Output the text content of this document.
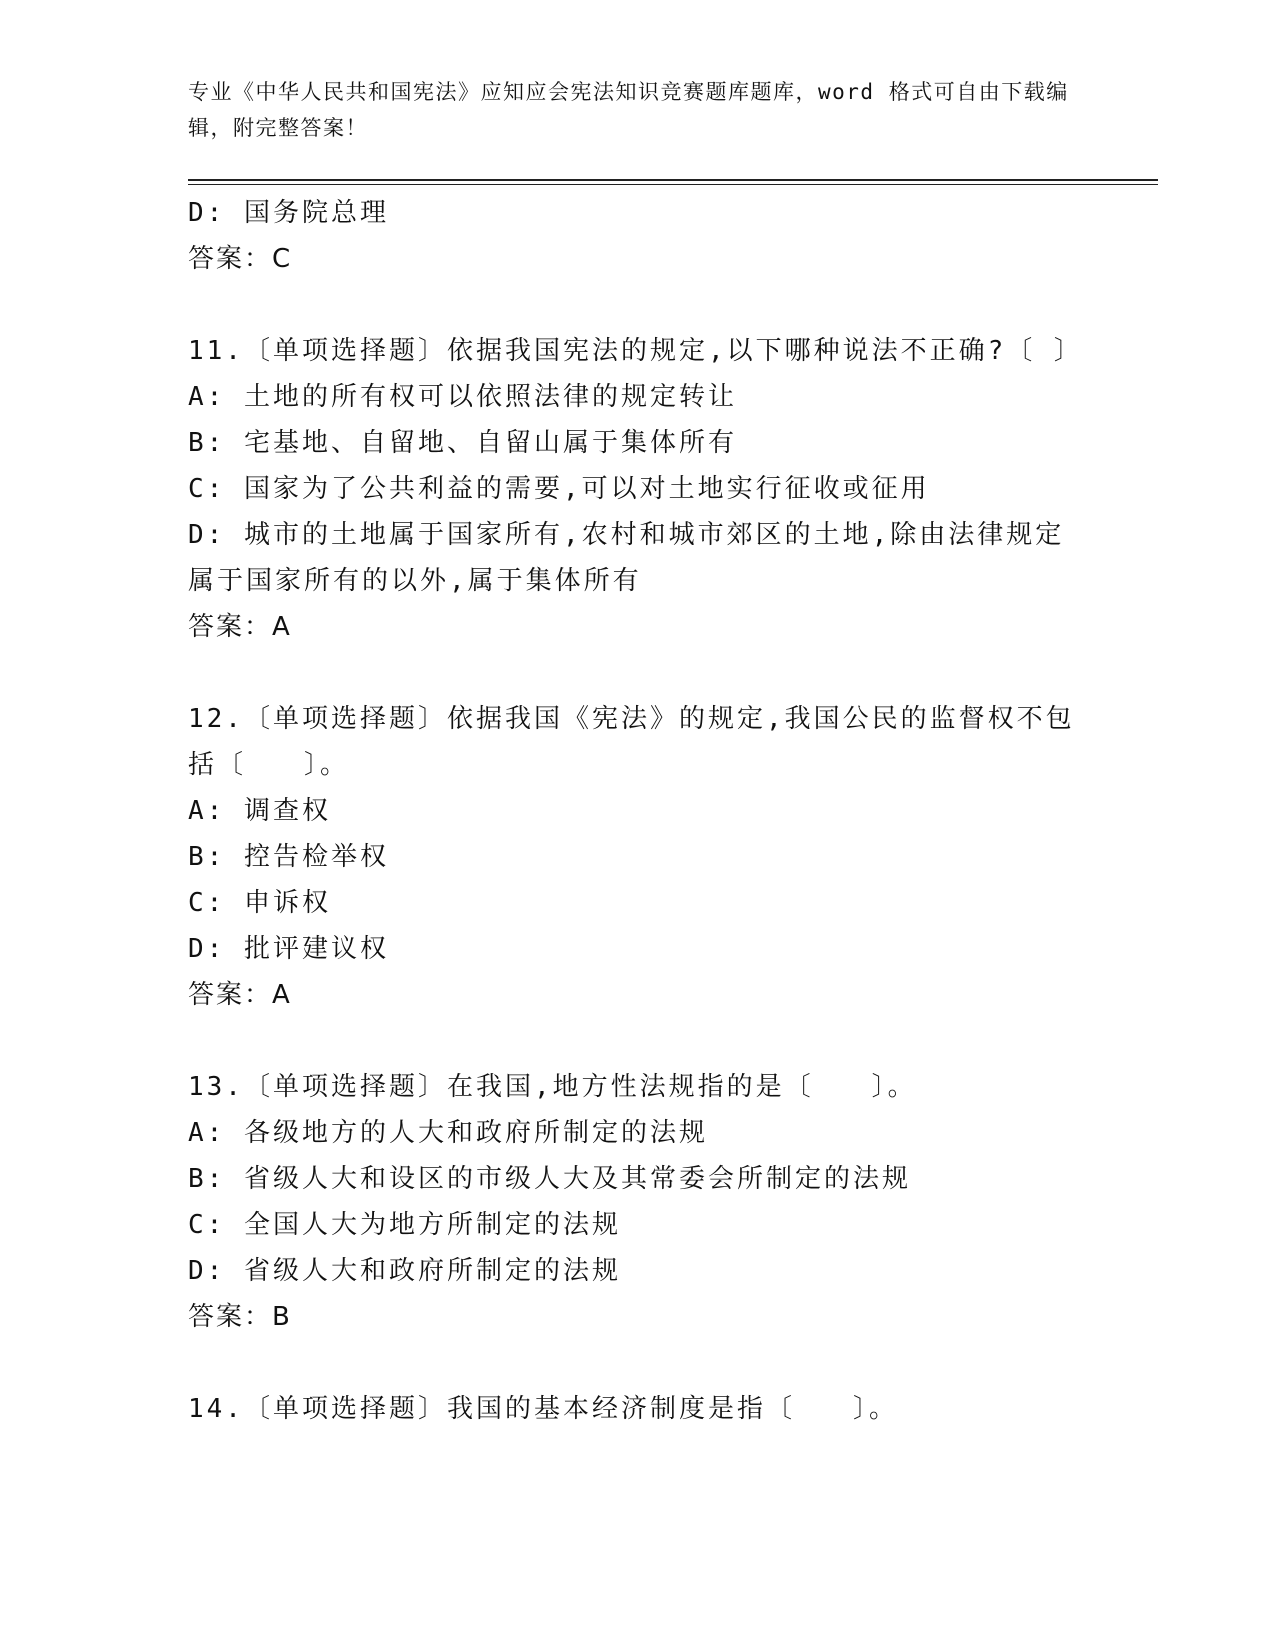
专业《中华人民共和国宪法》应知应会宪法知识竞赛题库题库，word 格式可自由下载编辑，附完整答案！
D: 国务院总理
答案：C
11.〔单项选择题〕依据我国宪法的规定,以下哪种说法不正确?〔 〕
A: 土地的所有权可以依照法律的规定转让
B: 宅基地、自留地、自留山属于集体所有
C: 国家为了公共利益的需要,可以对土地实行征收或征用
D: 城市的土地属于国家所有,农村和城市郊区的土地,除由法律规定属于国家所有的以外,属于集体所有
答案：A
12.〔单项选择题〕依据我国《宪法》的规定,我国公民的监督权不包括〔　　〕。
A: 调查权
B: 控告检举权
C: 申诉权
D: 批评建议权
答案：A
13.〔单项选择题〕在我国,地方性法规指的是〔　　〕。
A: 各级地方的人大和政府所制定的法规
B: 省级人大和设区的市级人大及其常委会所制定的法规
C: 全国人大为地方所制定的法规
D: 省级人大和政府所制定的法规
答案：B
14.〔单项选择题〕我国的基本经济制度是指〔　　〕。
